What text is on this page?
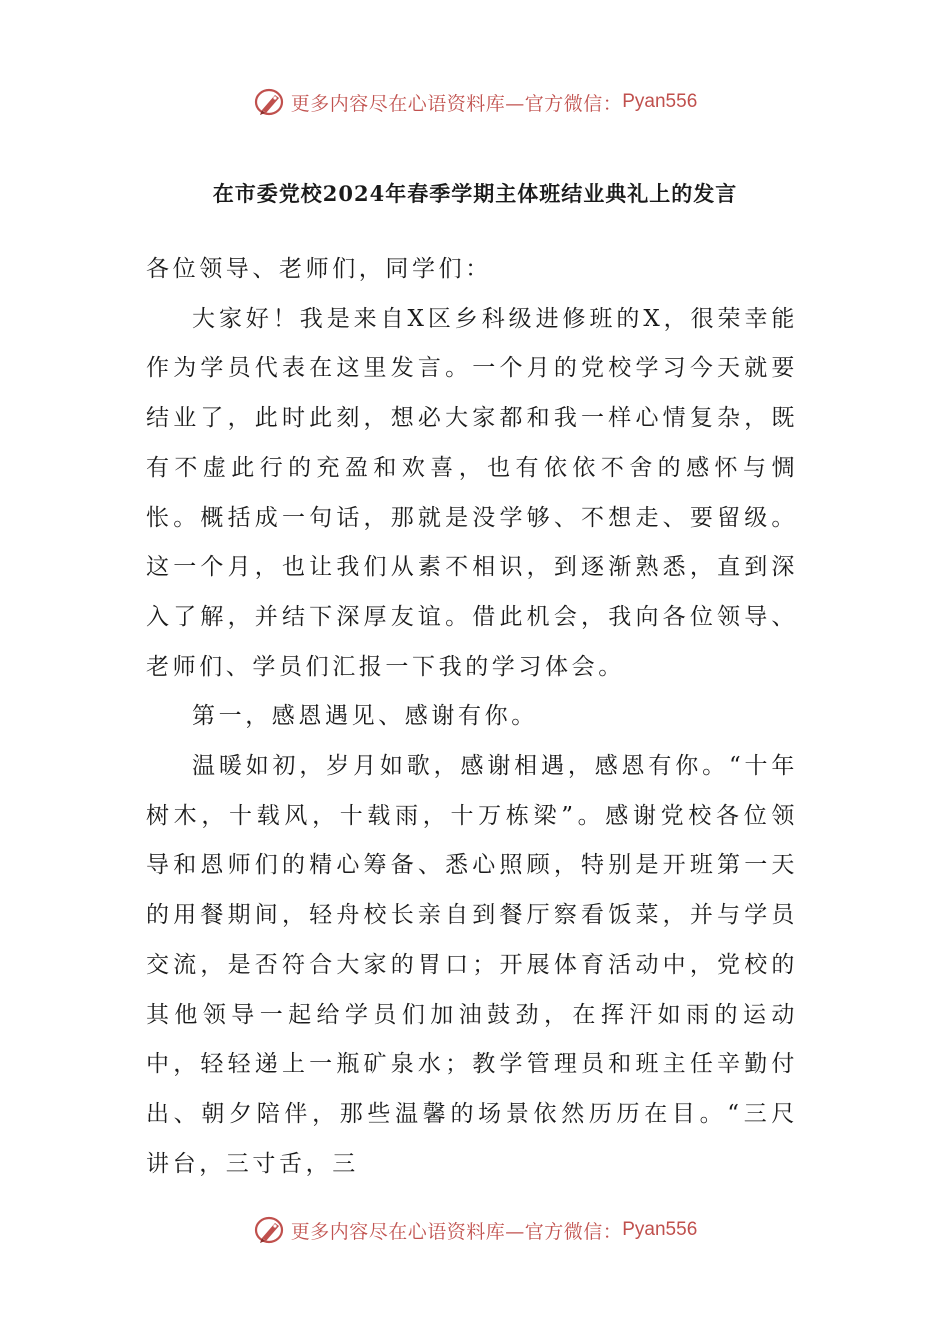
更多内容尽在心语资料库—官方微信： Pyan556
在市委党校2024年春季学期主体班结业典礼上的发言

各位领导、老师们，同学们：

大家好！我是来自X区乡科级进修班的X，很荣幸能作为学员代表在这里发言。一个月的党校学习今天就要结业了，此时此刻，想必大家都和我一样心情复杂，既有不虚此行的充盈和欢喜，也有依依不舍的感怀与惆怅。概括成一句话，那就是没学够、不想走、要留级。这一个月，也让我们从素不相识，到逐渐熟悉，直到深入了解，并结下深厚友谊。借此机会，我向各位领导、老师们、学员们汇报一下我的学习体会。

第一，感恩遇见、感谢有你。

温暖如初，岁月如歌，感谢相遇，感恩有你。“十年树木，十载风，十载雨，十万栋梁”。感谢党校各位领导和恩师们的精心筹备、悉心照顾，特别是开班第一天的用餐期间，轻舟校长亲自到餐厅察看饭菜，并与学员交流，是否符合大家的胃口；开展体育活动中，党校的其他领导一起给学员们加油鼓劲，在挥汗如雨的运动中，轻轻递上一瓶矿泉水；教学管理员和班主任辛勤付出、朝夕陪伴，那些温馨的场景依然历历在目。“三尺讲台，三寸舌，三

更多内容尽在心语资料库—官方微信： Pyan556
